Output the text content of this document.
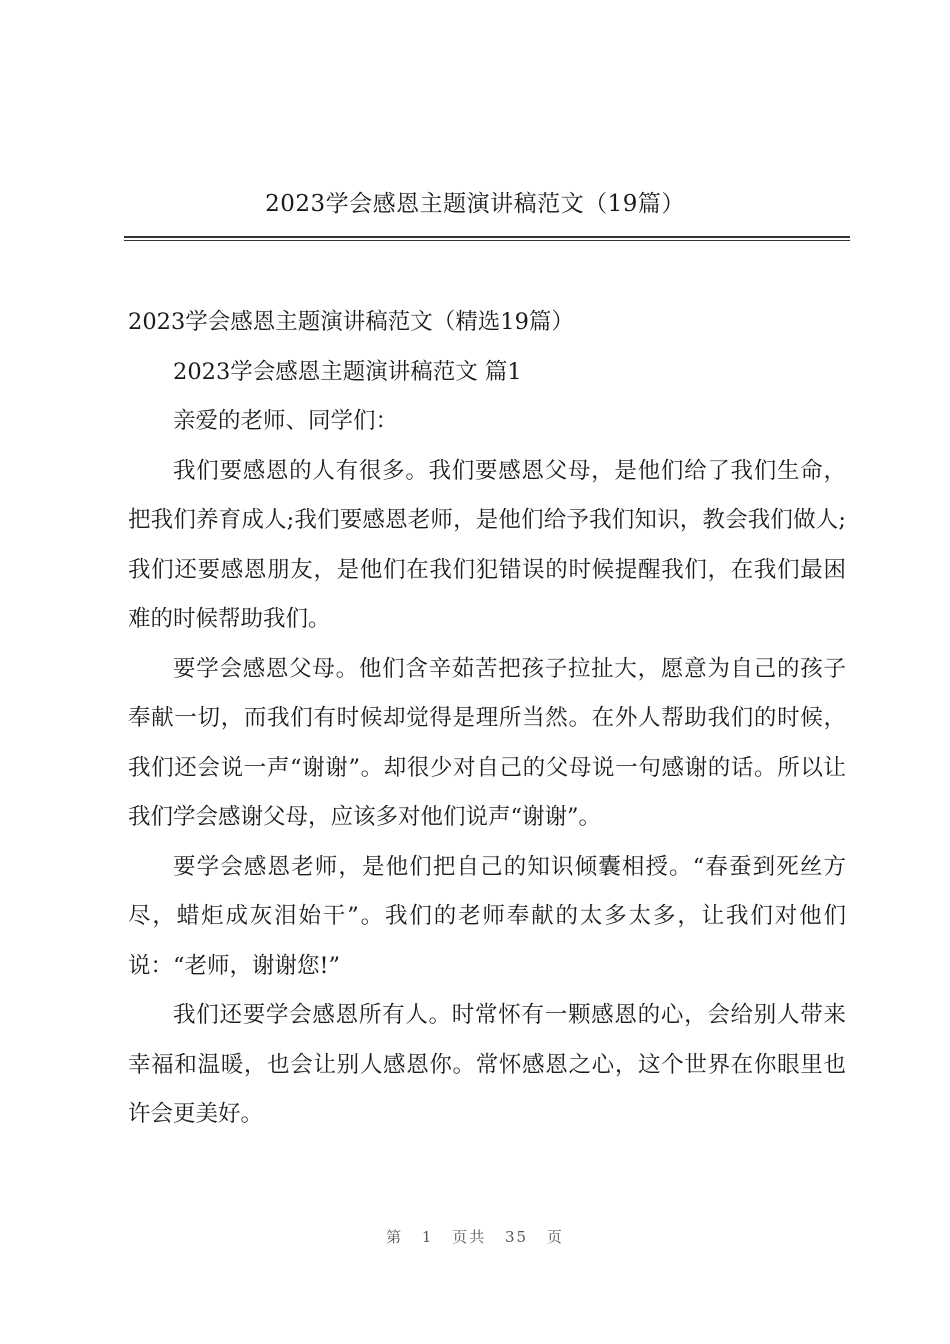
2023学会感恩主题演讲稿范文（19篇）

2023学会感恩主题演讲稿范文（精选19篇）

2023学会感恩主题演讲稿范文 篇1

亲爱的老师、同学们：

我们要感恩的人有很多。我们要感恩父母，是他们给了我们生命，把我们养育成人;我们要感恩老师，是他们给予我们知识，教会我们做人;我们还要感恩朋友，是他们在我们犯错误的时候提醒我们，在我们最困难的时候帮助我们。

要学会感恩父母。他们含辛茹苦把孩子拉扯大，愿意为自己的孩子奉献一切，而我们有时候却觉得是理所当然。在外人帮助我们的时候，我们还会说一声“谢谢”。却很少对自己的父母说一句感谢的话。所以让我们学会感谢父母，应该多对他们说声“谢谢”。

要学会感恩老师，是他们把自己的知识倾囊相授。“春蚕到死丝方尽，蜡炬成灰泪始干”。我们的老师奉献的太多太多，让我们对他们说：“老师，谢谢您!”

我们还要学会感恩所有人。时常怀有一颗感恩的心，会给别人带来幸福和温暖，也会让别人感恩你。常怀感恩之心，这个世界在你眼里也许会更美好。

第 1 页共 35 页
